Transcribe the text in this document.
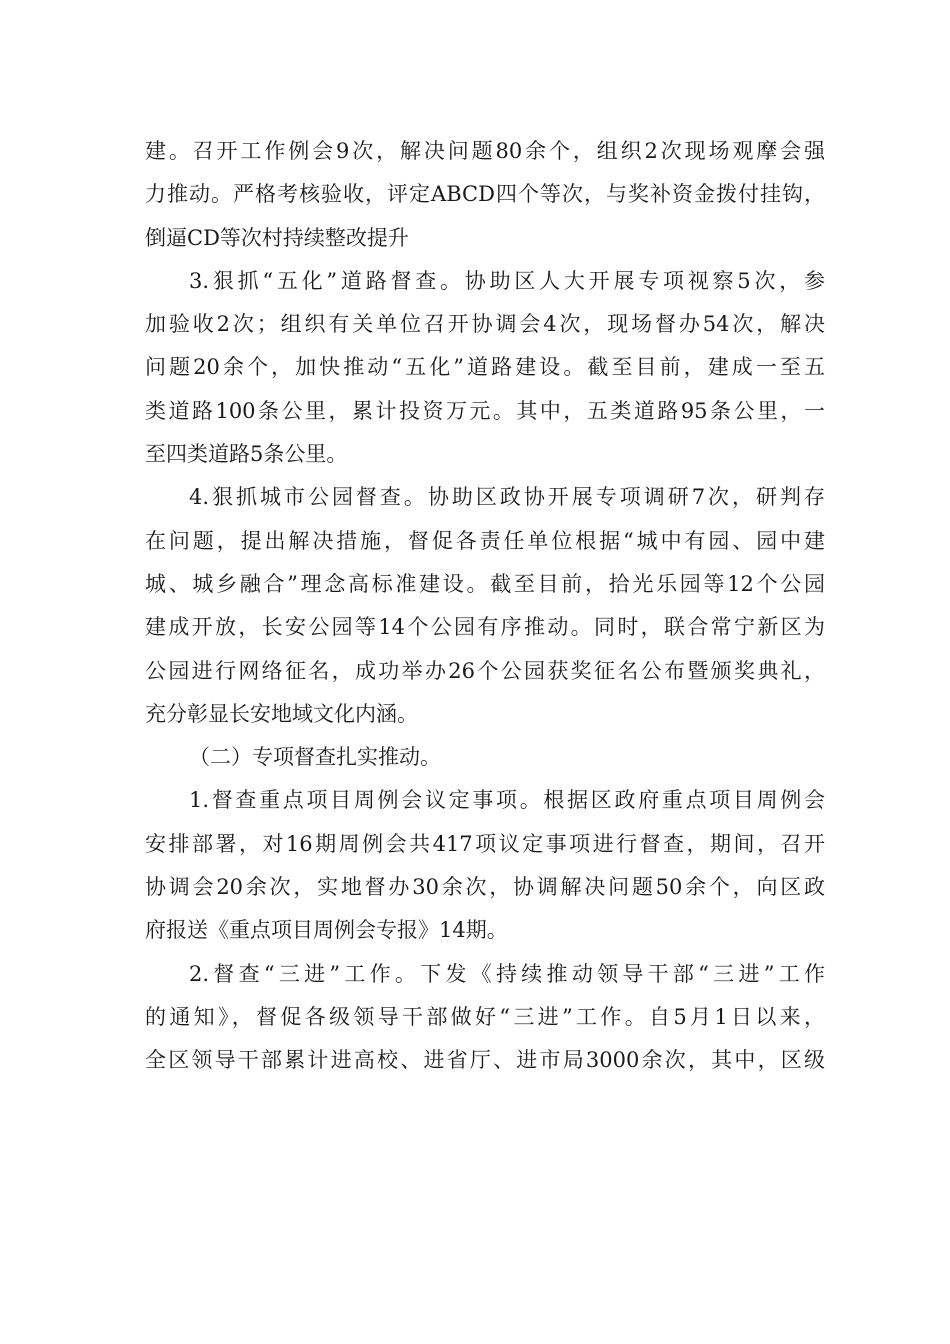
建。召开工作例会9次，解决问题80余个，组织2次现场观摩会强
力推动。严格考核验收，评定ABCD四个等次，与奖补资金拨付挂钩，
倒逼CD等次村持续整改提升
3.狠抓“五化”道路督查。协助区人大开展专项视察5次，参
加验收2次；组织有关单位召开协调会4次，现场督办54次，解决
问题20余个，加快推动“五化”道路建设。截至目前，建成一至五
类道路100条公里，累计投资万元。其中，五类道路95条公里，一
至四类道路5条公里。
4.狠抓城市公园督查。协助区政协开展专项调研7次，研判存
在问题，提出解决措施，督促各责任单位根据“城中有园、园中建
城、城乡融合”理念高标准建设。截至目前，拾光乐园等12个公园
建成开放，长安公园等14个公园有序推动。同时，联合常宁新区为
公园进行网络征名，成功举办26个公园获奖征名公布暨颁奖典礼，
充分彰显长安地域文化内涵。
（二）专项督查扎实推动。
1.督查重点项目周例会议定事项。根据区政府重点项目周例会
安排部署，对16期周例会共417项议定事项进行督查，期间，召开
协调会20余次，实地督办30余次，协调解决问题50余个，向区政
府报送《重点项目周例会专报》14期。
2.督查“三进”工作。下发《持续推动领导干部“三进”工作
的通知》，督促各级领导干部做好“三进”工作。自5月1日以来，
全区领导干部累计进高校、进省厅、进市局3000余次，其中，区级
